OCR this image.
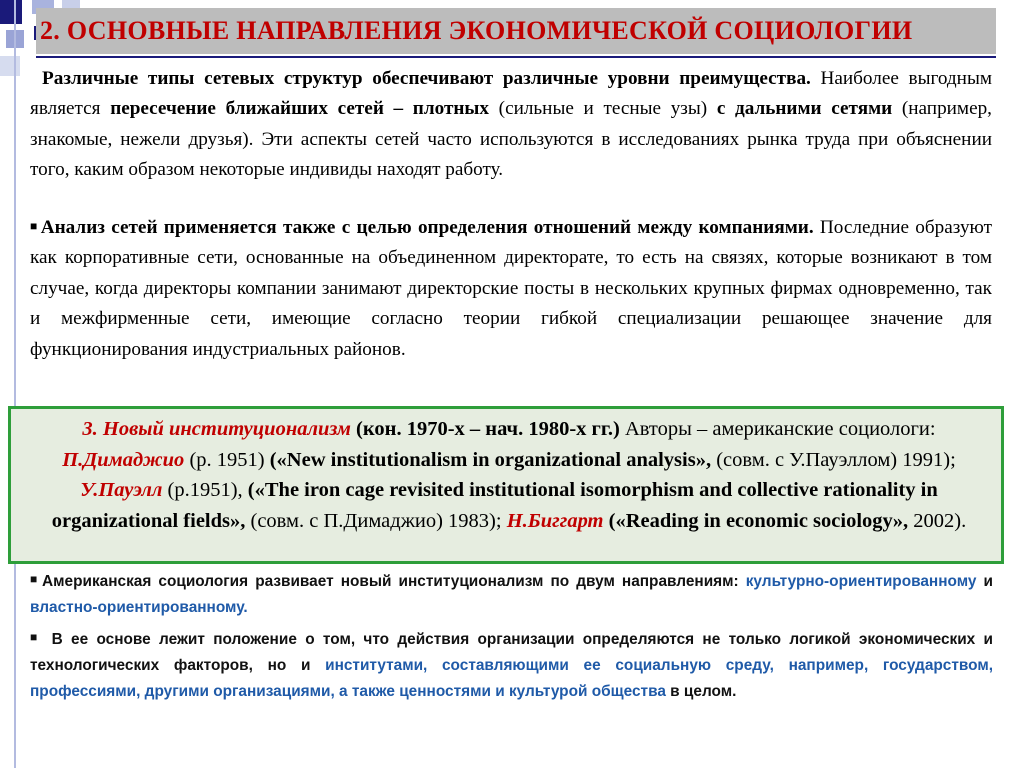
2. ОСНОВНЫЕ НАПРАВЛЕНИЯ ЭКОНОМИЧЕСКОЙ СОЦИОЛОГИИ
Различные типы сетевых структур обеспечивают различные уровни преимущества. Наиболее выгодным является пересечение ближайших сетей – плотных (сильные и тесные узы) с дальними сетями (например, знакомые, нежели друзья). Эти аспекты сетей часто используются в исследованиях рынка труда при объяснении того, каким образом некоторые индивиды находят работу.
■ Анализ сетей применяется также с целью определения отношений между компаниями. Последние образуют как корпоративные сети, основанные на объединенном директорате, то есть на связях, которые возникают в том случае, когда директоры компании занимают директорские посты в нескольких крупных фирмах одновременно, так и межфирменные сети, имеющие согласно теории гибкой специализации решающее значение для функционирования индустриальных районов.
3. Новый институционализм (кон. 1970-х – нач. 1980-х гг.) Авторы – американские социологи: П.Димаджио (р. 1951) («New institutionalism in organizational analysis», (совм. с У.Пауэллом) 1991); У.Пауэлл (р.1951), («The iron cage revisited institutional isomorphism and collective rationality in organizational fields», (совм. с П.Димаджио) 1983); Н.Биггарт («Reading in economic sociology», 2002).

■ Американская социология развивает новый институционализм по двум направлениям: культурно-ориентированному и властно-ориентированному.

■ В ее основе лежит положение о том, что действия организации определяются не только логикой экономических и технологических факторов, но и институтами, составляющими ее социальную среду, например, государством, профессиями, другими организациями, а также ценностями и культурой общества в целом.
